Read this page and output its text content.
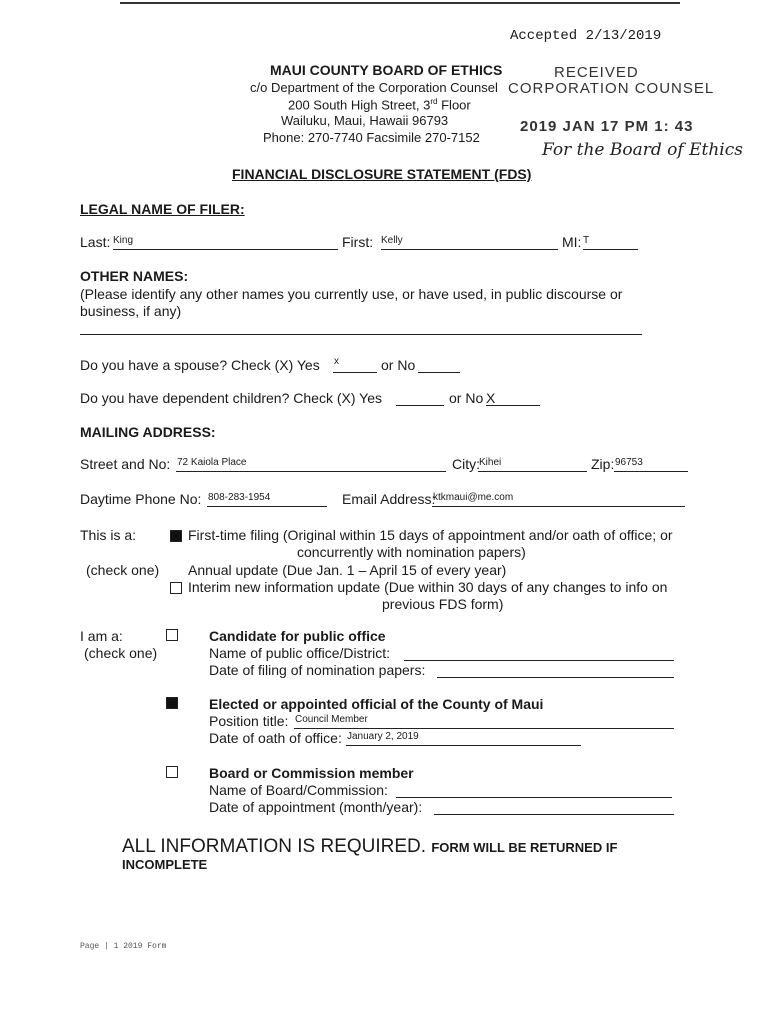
Accepted 2/13/2019
MAUI COUNTY BOARD OF ETHICS
c/o Department of the Corporation Counsel
200 South High Street, 3rd Floor
Wailuku, Maui, Hawaii 96793
Phone: 270-7740 Facsimile 270-7152
RECEIVED
CORPORATION COUNSEL
2019 JAN 17 PM 1: 43
For the Board of Ethics
FINANCIAL DISCLOSURE STATEMENT (FDS)
LEGAL NAME OF FILER:
Last: King	First: Kelly	MI: T
OTHER NAMES:
(Please identify any other names you currently use, or have used, in public discourse or
business, if any)
Do you have a spouse? Check (X) Yes x	or No
Do you have dependent children? Check (X) Yes	or No X
MAILING ADDRESS:
Street and No: 72 Kaiola Place	City: Kihei	Zip: 96753
Daytime Phone No: 808-283-1954	Email Address:
ktkmaui@me.com
This is a:
(check one)
First-time filing (Original within 15 days of appointment and/or oath of office; or
concurrently with nomination papers)
Annual update (Due Jan. 1 – April 15 of every year)
Interim new information update (Due within 30 days of any changes to info on
previous FDS form)
I am a:
(check one)
Candidate for public office
Name of public office/District:
Date of filing of nomination papers:
Elected or appointed official of the County of Maui
Position title: Council Member
Date of oath of office: January 2, 2019
Board or Commission member
Name of Board/Commission:
Date of appointment (month/year):
ALL INFORMATION IS REQUIRED. FORM WILL BE RETURNED IF
INCOMPLETE
Page | 1 2019 Form
